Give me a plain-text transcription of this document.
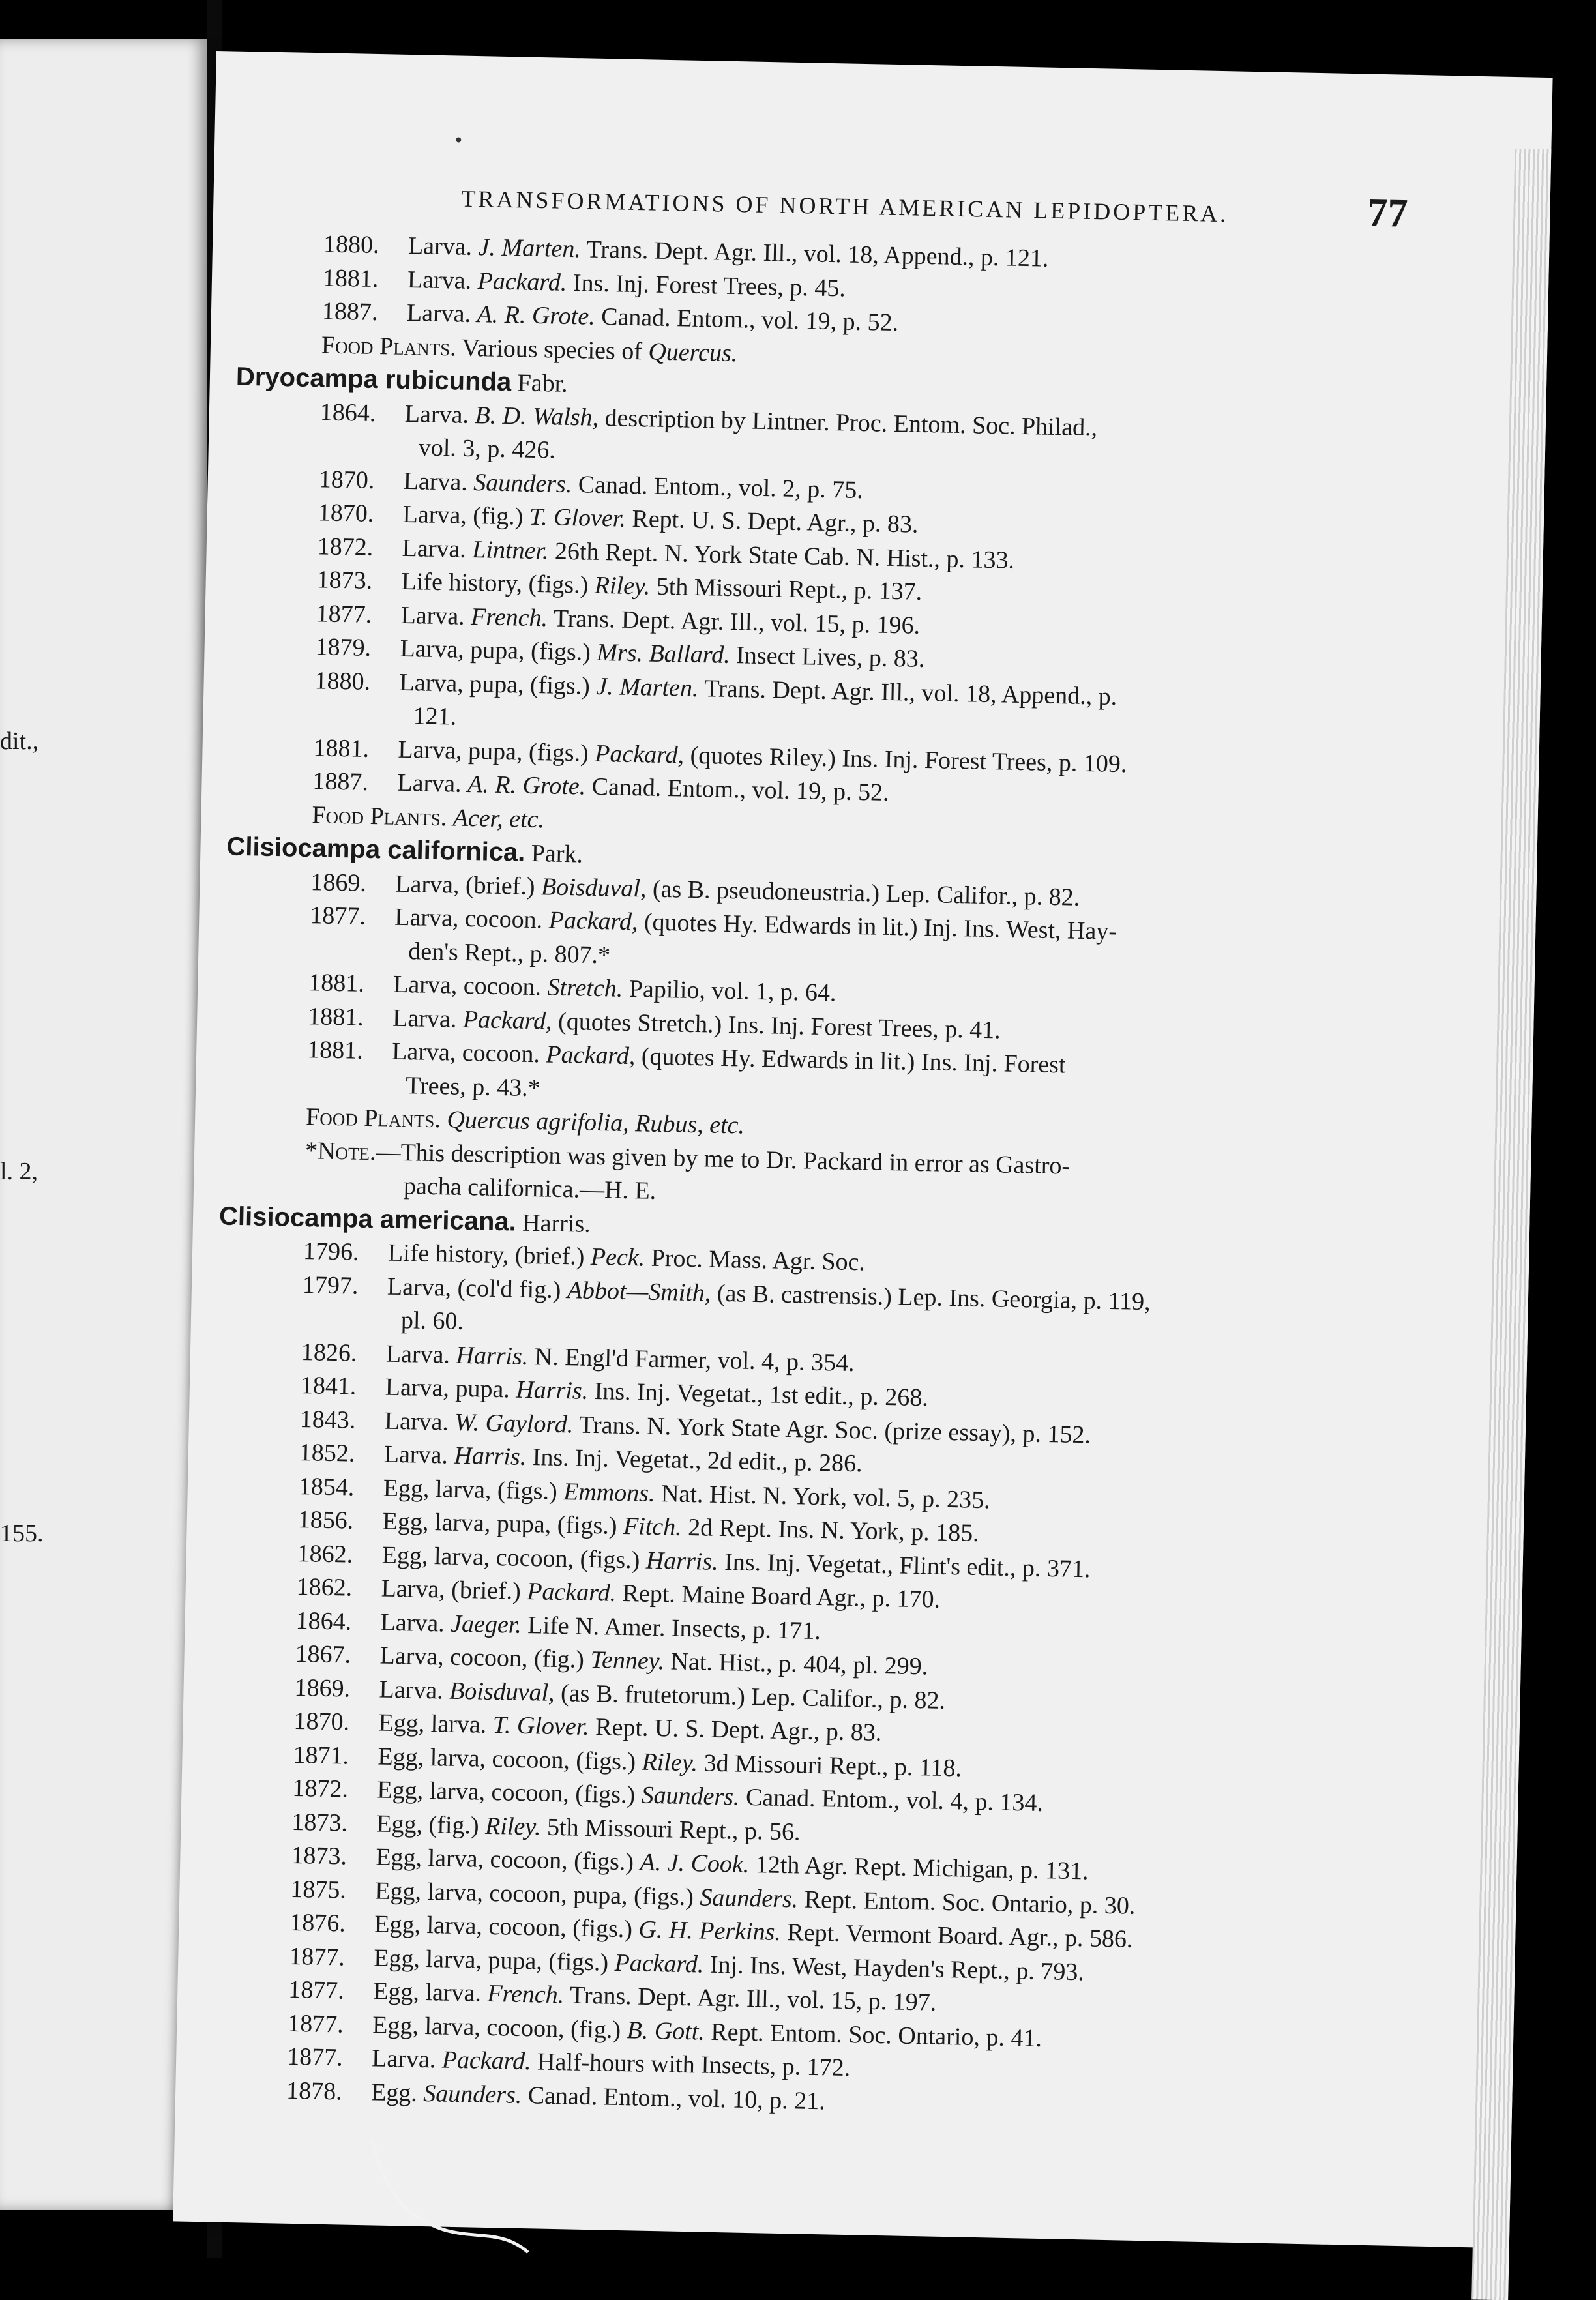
dit.,
l. 2,
155.
TRANSFORMATIONS OF NORTH AMERICAN LEPIDOPTERA.	77
1880. Larva. J. Marten. Trans. Dept. Agr. Ill., vol. 18, Append., p. 121.
1881. Larva. Packard. Ins. Inj. Forest Trees, p. 45.
1887. Larva. A. R. Grote. Canad. Entom., vol. 19, p. 52.
Food Plants. Various species of Quercus.
Dryocampa rubicunda Fabr.
1864. Larva. B. D. Walsh, description by Lintner. Proc. Entom. Soc. Philad.,
vol. 3, p. 426.
1870. Larva. Saunders. Canad. Entom., vol. 2, p. 75.
1870. Larva, (fig.) T. Glover. Rept. U. S. Dept. Agr., p. 83.
1872. Larva. Lintner. 26th Rept. N. York State Cab. N. Hist., p. 133.
1873. Life history, (figs.) Riley. 5th Missouri Rept., p. 137.
1877. Larva. French. Trans. Dept. Agr. Ill., vol. 15, p. 196.
1879. Larva, pupa, (figs.) Mrs. Ballard. Insect Lives, p. 83.
1880. Larva, pupa, (figs.) J. Marten. Trans. Dept. Agr. Ill., vol. 18, Append., p.
121.
1881. Larva, pupa, (figs.) Packard, (quotes Riley.) Ins. Inj. Forest Trees, p. 109.
1887. Larva. A. R. Grote. Canad. Entom., vol. 19, p. 52.
Food Plants. Acer, etc.
Clisiocampa californica. Park.
1869. Larva, (brief.) Boisduval, (as B. pseudoneustria.) Lep. Califor., p. 82.
1877. Larva, cocoon. Packard, (quotes Hy. Edwards in lit.) Inj. Ins. West, Hay-
den's Rept., p. 807.*
1881. Larva, cocoon. Stretch. Papilio, vol. 1, p. 64.
1881. Larva. Packard, (quotes Stretch.) Ins. Inj. Forest Trees, p. 41.
1881. Larva, cocoon. Packard, (quotes Hy. Edwards in lit.) Ins. Inj. Forest
Trees, p. 43.*
Food Plants. Quercus agrifolia, Rubus, etc.
*Note.—This description was given by me to Dr. Packard in error as Gastro-
pacha californica.—H. E.
Clisiocampa americana. Harris.
1796. Life history, (brief.) Peck. Proc. Mass. Agr. Soc.
1797. Larva, (col'd fig.) Abbot—Smith, (as B. castrensis.) Lep. Ins. Georgia, p. 119,
pl. 60.
1826. Larva. Harris. N. Engl'd Farmer, vol. 4, p. 354.
1841. Larva, pupa. Harris. Ins. Inj. Vegetat., 1st edit., p. 268.
1843. Larva. W. Gaylord. Trans. N. York State Agr. Soc. (prize essay), p. 152.
1852. Larva. Harris. Ins. Inj. Vegetat., 2d edit., p. 286.
1854. Egg, larva, (figs.) Emmons. Nat. Hist. N. York, vol. 5, p. 235.
1856. Egg, larva, pupa, (figs.) Fitch. 2d Rept. Ins. N. York, p. 185.
1862. Egg, larva, cocoon, (figs.) Harris. Ins. Inj. Vegetat., Flint's edit., p. 371.
1862. Larva, (brief.) Packard. Rept. Maine Board Agr., p. 170.
1864. Larva. Jaeger. Life N. Amer. Insects, p. 171.
1867. Larva, cocoon, (fig.) Tenney. Nat. Hist., p. 404, pl. 299.
1869. Larva. Boisduval, (as B. frutetorum.) Lep. Califor., p. 82.
1870. Egg, larva. T. Glover. Rept. U. S. Dept. Agr., p. 83.
1871. Egg, larva, cocoon, (figs.) Riley. 3d Missouri Rept., p. 118.
1872. Egg, larva, cocoon, (figs.) Saunders. Canad. Entom., vol. 4, p. 134.
1873. Egg, (fig.) Riley. 5th Missouri Rept., p. 56.
1873. Egg, larva, cocoon, (figs.) A. J. Cook. 12th Agr. Rept. Michigan, p. 131.
1875. Egg, larva, cocoon, pupa, (figs.) Saunders. Rept. Entom. Soc. Ontario, p. 30.
1876. Egg, larva, cocoon, (figs.) G. H. Perkins. Rept. Vermont Board. Agr., p. 586.
1877. Egg, larva, pupa, (figs.) Packard. Inj. Ins. West, Hayden's Rept., p. 793.
1877. Egg, larva. French. Trans. Dept. Agr. Ill., vol. 15, p. 197.
1877. Egg, larva, cocoon, (fig.) B. Gott. Rept. Entom. Soc. Ontario, p. 41.
1877. Larva. Packard. Half-hours with Insects, p. 172.
1878. Egg. Saunders. Canad. Entom., vol. 10, p. 21.
